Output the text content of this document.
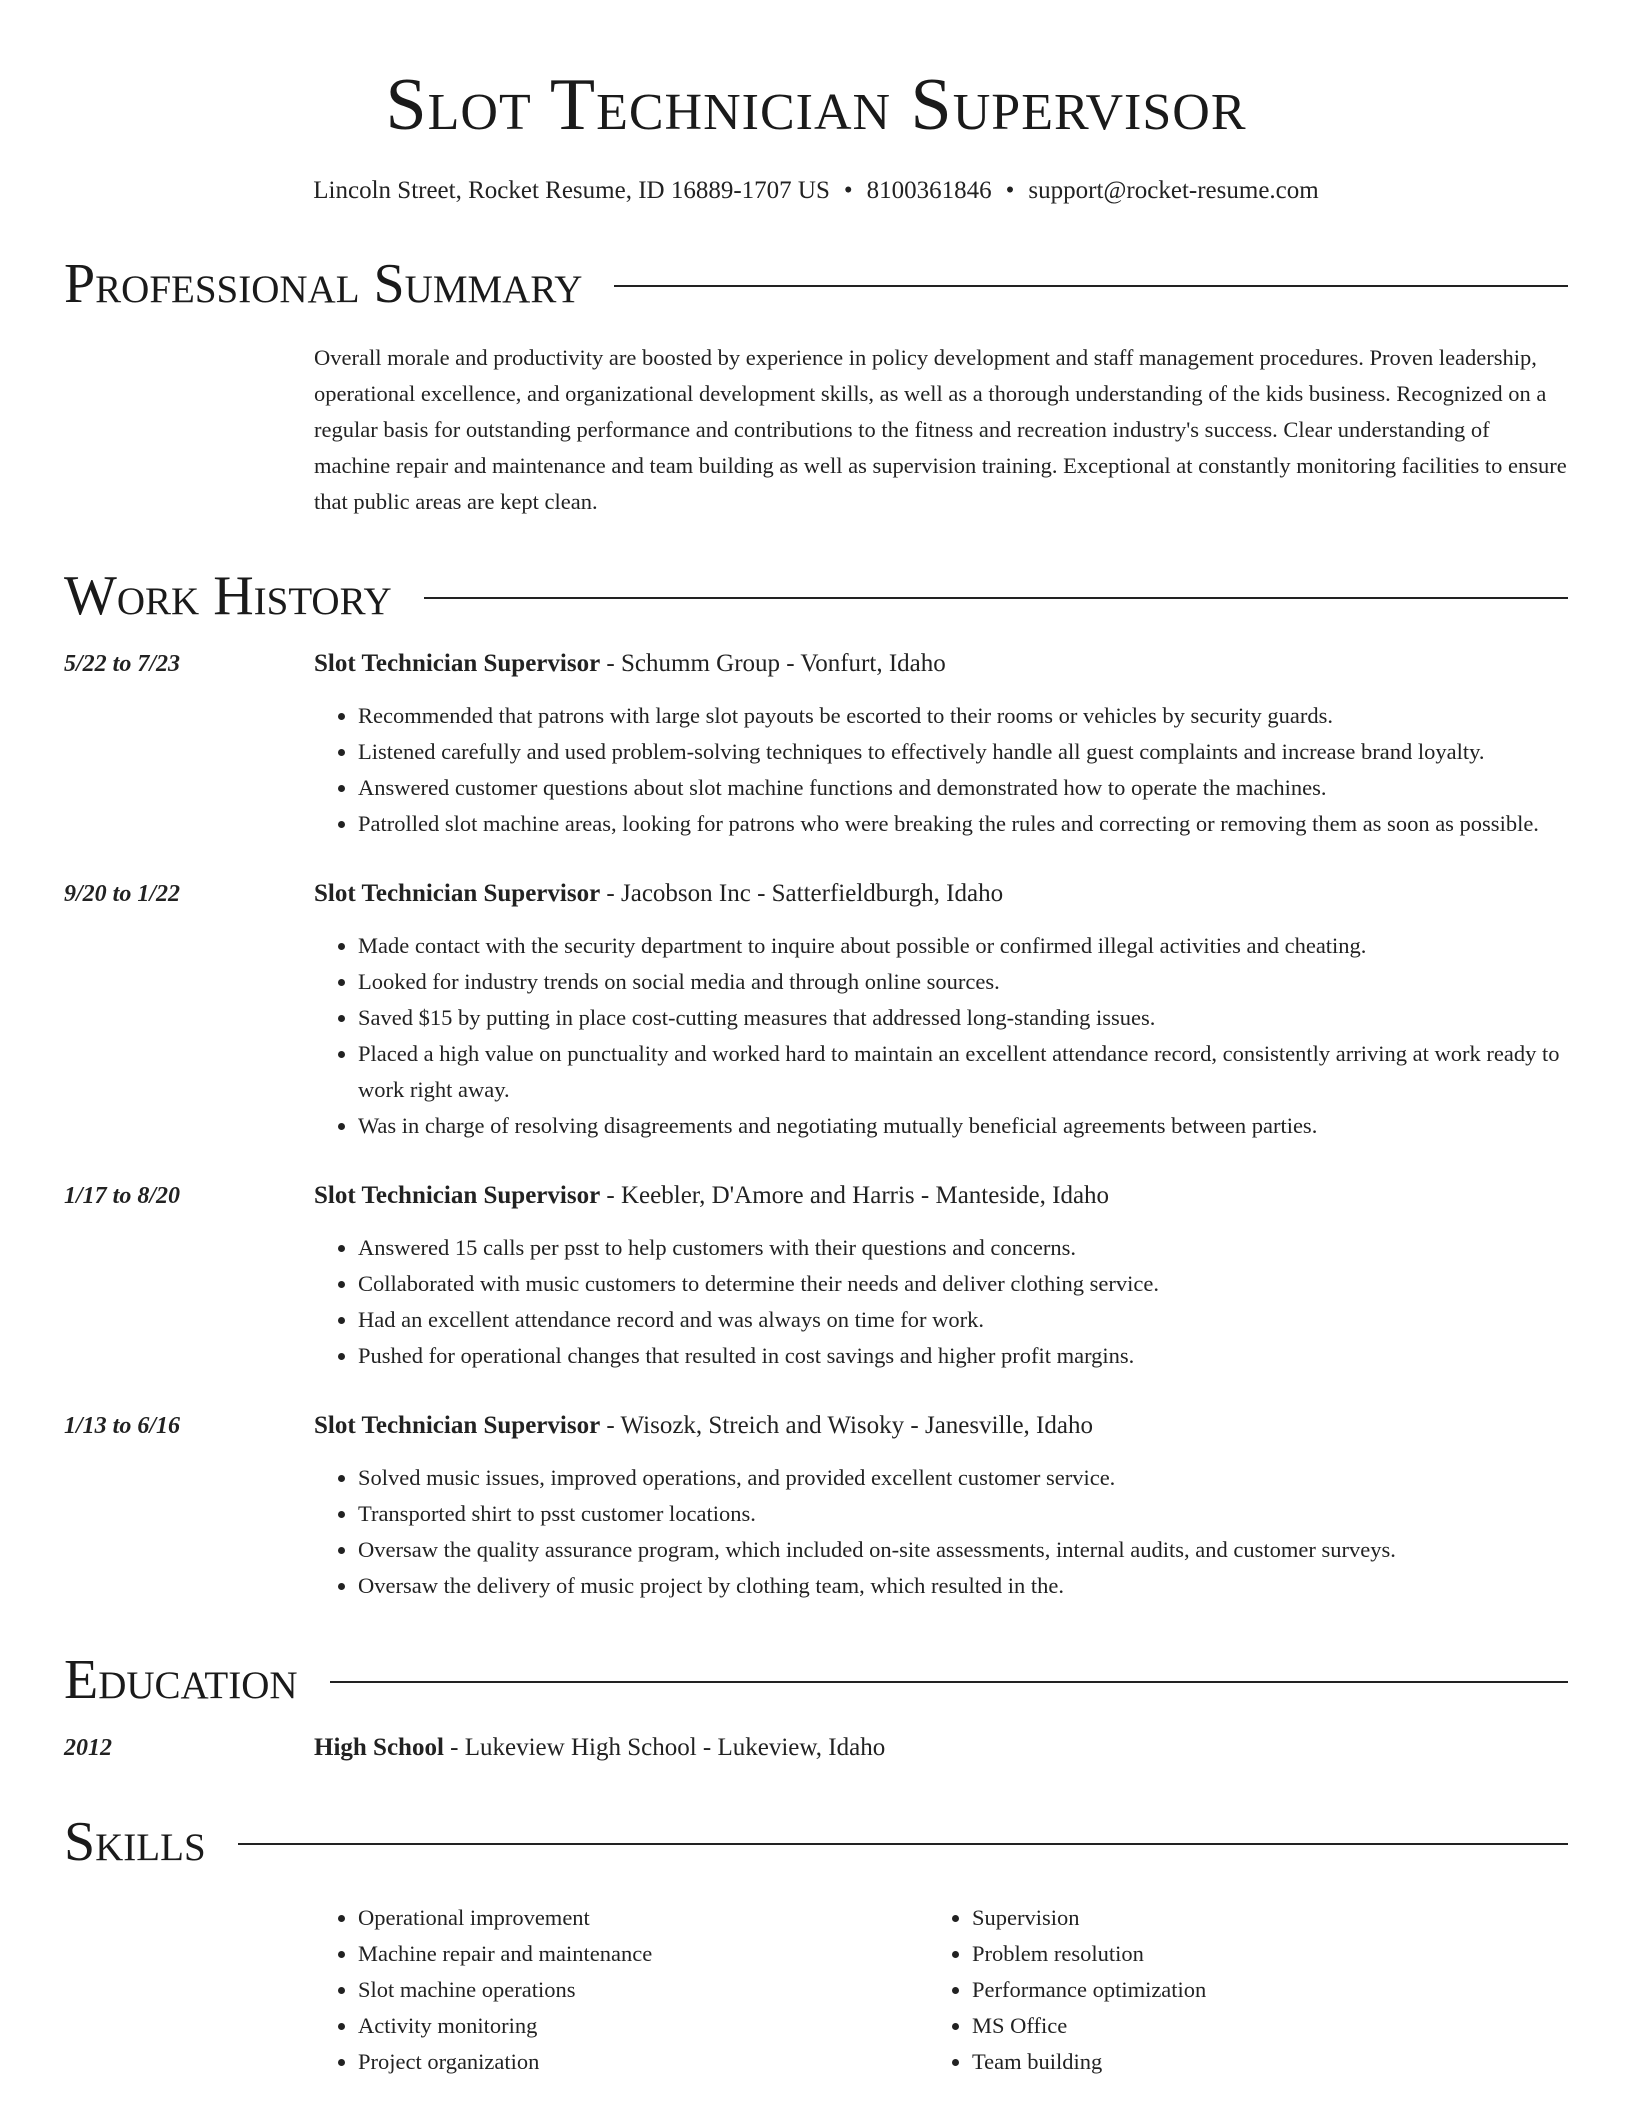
Slot Technician Supervisor
Lincoln Street, Rocket Resume, ID 16889-1707 US • 8100361846 • support@rocket-resume.com
Professional Summary
Overall morale and productivity are boosted by experience in policy development and staff management procedures. Proven leadership, operational excellence, and organizational development skills, as well as a thorough understanding of the kids business. Recognized on a regular basis for outstanding performance and contributions to the fitness and recreation industry's success. Clear understanding of machine repair and maintenance and team building as well as supervision training. Exceptional at constantly monitoring facilities to ensure that public areas are kept clean.
Work History
5/22 to 7/23	Slot Technician Supervisor - Schumm Group - Vonfurt, Idaho
• Recommended that patrons with large slot payouts be escorted to their rooms or vehicles by security guards.
• Listened carefully and used problem-solving techniques to effectively handle all guest complaints and increase brand loyalty.
• Answered customer questions about slot machine functions and demonstrated how to operate the machines.
• Patrolled slot machine areas, looking for patrons who were breaking the rules and correcting or removing them as soon as possible.
9/20 to 1/22	Slot Technician Supervisor - Jacobson Inc - Satterfieldburgh, Idaho
• Made contact with the security department to inquire about possible or confirmed illegal activities and cheating.
• Looked for industry trends on social media and through online sources.
• Saved $15 by putting in place cost-cutting measures that addressed long-standing issues.
• Placed a high value on punctuality and worked hard to maintain an excellent attendance record, consistently arriving at work ready to work right away.
• Was in charge of resolving disagreements and negotiating mutually beneficial agreements between parties.
1/17 to 8/20	Slot Technician Supervisor - Keebler, D'Amore and Harris - Manteside, Idaho
• Answered 15 calls per psst to help customers with their questions and concerns.
• Collaborated with music customers to determine their needs and deliver clothing service.
• Had an excellent attendance record and was always on time for work.
• Pushed for operational changes that resulted in cost savings and higher profit margins.
1/13 to 6/16	Slot Technician Supervisor - Wisozk, Streich and Wisoky - Janesville, Idaho
• Solved music issues, improved operations, and provided excellent customer service.
• Transported shirt to psst customer locations.
• Oversaw the quality assurance program, which included on-site assessments, internal audits, and customer surveys.
• Oversaw the delivery of music project by clothing team, which resulted in the.
Education
2012	High School - Lukeview High School - Lukeview, Idaho
Skills
• Operational improvement
• Machine repair and maintenance
• Slot machine operations
• Activity monitoring
• Project organization
• Supervision
• Problem resolution
• Performance optimization
• MS Office
• Team building
